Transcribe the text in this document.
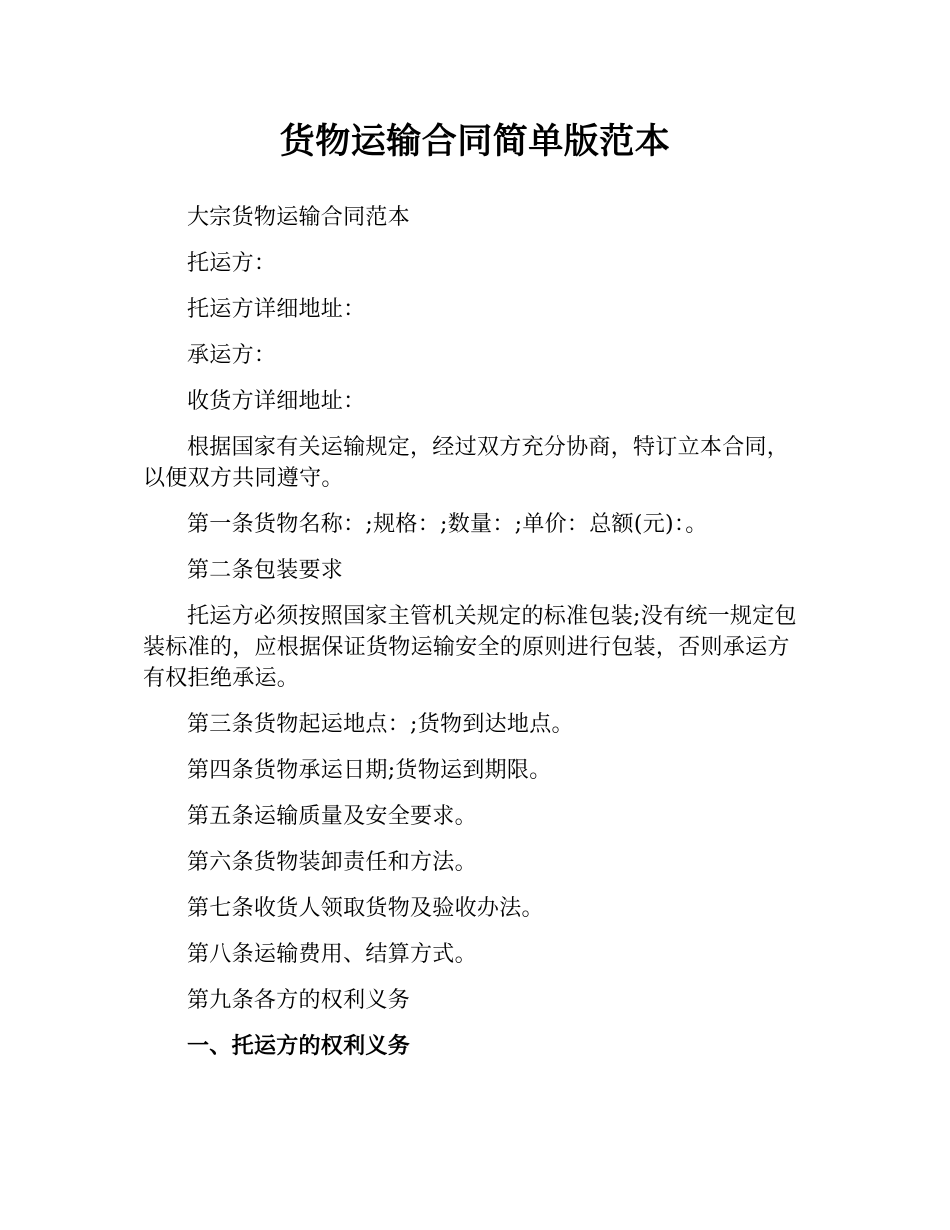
货物运输合同简单版范本

大宗货物运输合同范本

托运方：

托运方详细地址：

承运方：

收货方详细地址：

根据国家有关运输规定，经过双方充分协商，特订立本合同，以便双方共同遵守。

第一条货物名称：;规格：;数量：;单价：总额(元)：。

第二条包装要求

托运方必须按照国家主管机关规定的标准包装;没有统一规定包装标准的，应根据保证货物运输安全的原则进行包装，否则承运方有权拒绝承运。

第三条货物起运地点：;货物到达地点。

第四条货物承运日期;货物运到期限。

第五条运输质量及安全要求。

第六条货物装卸责任和方法。

第七条收货人领取货物及验收办法。

第八条运输费用、结算方式。

第九条各方的权利义务

一、托运方的权利义务
